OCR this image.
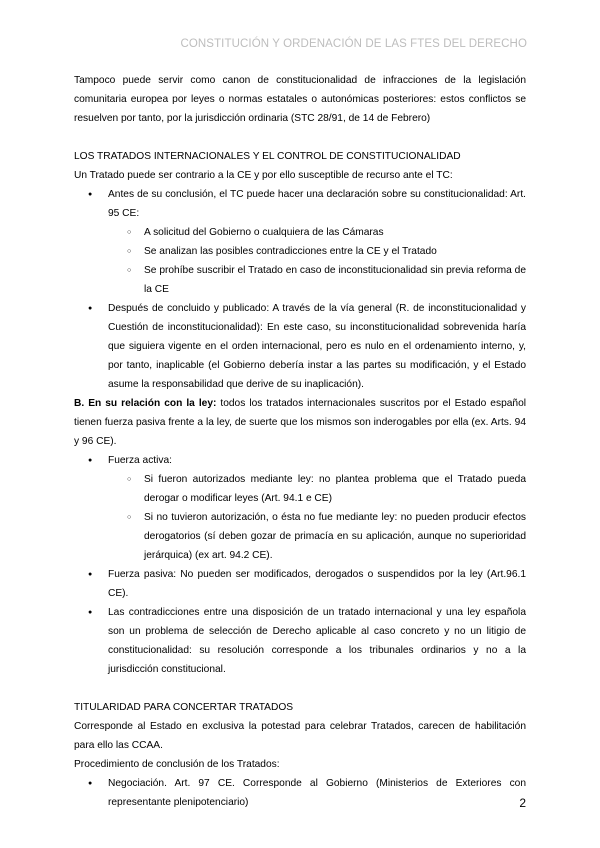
CONSTITUCIÓN Y ORDENACIÓN DE LAS FTES DEL DERECHO

Tampoco puede servir como canon de constitucionalidad de infracciones de la legislación comunitaria europea por leyes o normas estatales o autonómicas posteriores: estos conflictos se resuelven por tanto, por la jurisdicción ordinaria (STC 28/91, de 14 de Febrero)

LOS TRATADOS INTERNACIONALES Y EL CONTROL DE CONSTITUCIONALIDAD

Un Tratado puede ser contrario a la CE y por ello susceptible de recurso ante el TC:

● Antes de su conclusión, el TC puede hacer una declaración sobre su constitucionalidad: Art. 95 CE:
○ A solicitud del Gobierno o cualquiera de las Cámaras
○ Se analizan las posibles contradicciones entre la CE y el Tratado
○ Se prohíbe suscribir el Tratado en caso de inconstitucionalidad sin previa reforma de la CE
● Después de concluido y publicado: A través de la vía general (R. de inconstitucionalidad y Cuestión de inconstitucionalidad): En este caso, su inconstitucionalidad sobrevenida haría que siguiera vigente en el orden internacional, pero es nulo en el ordenamiento interno, y, por tanto, inaplicable (el Gobierno debería instar a las partes su modificación, y el Estado asume la responsabilidad que derive de su inaplicación).

B. En su relación con la ley: todos los tratados internacionales suscritos por el Estado español tienen fuerza pasiva frente a la ley, de suerte que los mismos son inderogables por ella (ex. Arts. 94 y 96 CE).

● Fuerza activa:
○ Si fueron autorizados mediante ley: no plantea problema que el Tratado pueda derogar o modificar leyes (Art. 94.1 e CE)
○ Si no tuvieron autorización, o ésta no fue mediante ley: no pueden producir efectos derogatorios (sí deben gozar de primacía en su aplicación, aunque no superioridad jerárquica) (ex art. 94.2 CE).
● Fuerza pasiva: No pueden ser modificados, derogados o suspendidos por la ley (Art.96.1 CE).
● Las contradicciones entre una disposición de un tratado internacional y una ley española son un problema de selección de Derecho aplicable al caso concreto y no un litigio de constitucionalidad: su resolución corresponde a los tribunales ordinarios y no a la jurisdicción constitucional.

TITULARIDAD PARA CONCERTAR TRATADOS

Corresponde al Estado en exclusiva la potestad para celebrar Tratados, carecen de habilitación para ello las CCAA.

Procedimiento de conclusión de los Tratados:

● Negociación. Art. 97 CE. Corresponde al Gobierno (Ministerios de Exteriores con representante plenipotenciario)	2
